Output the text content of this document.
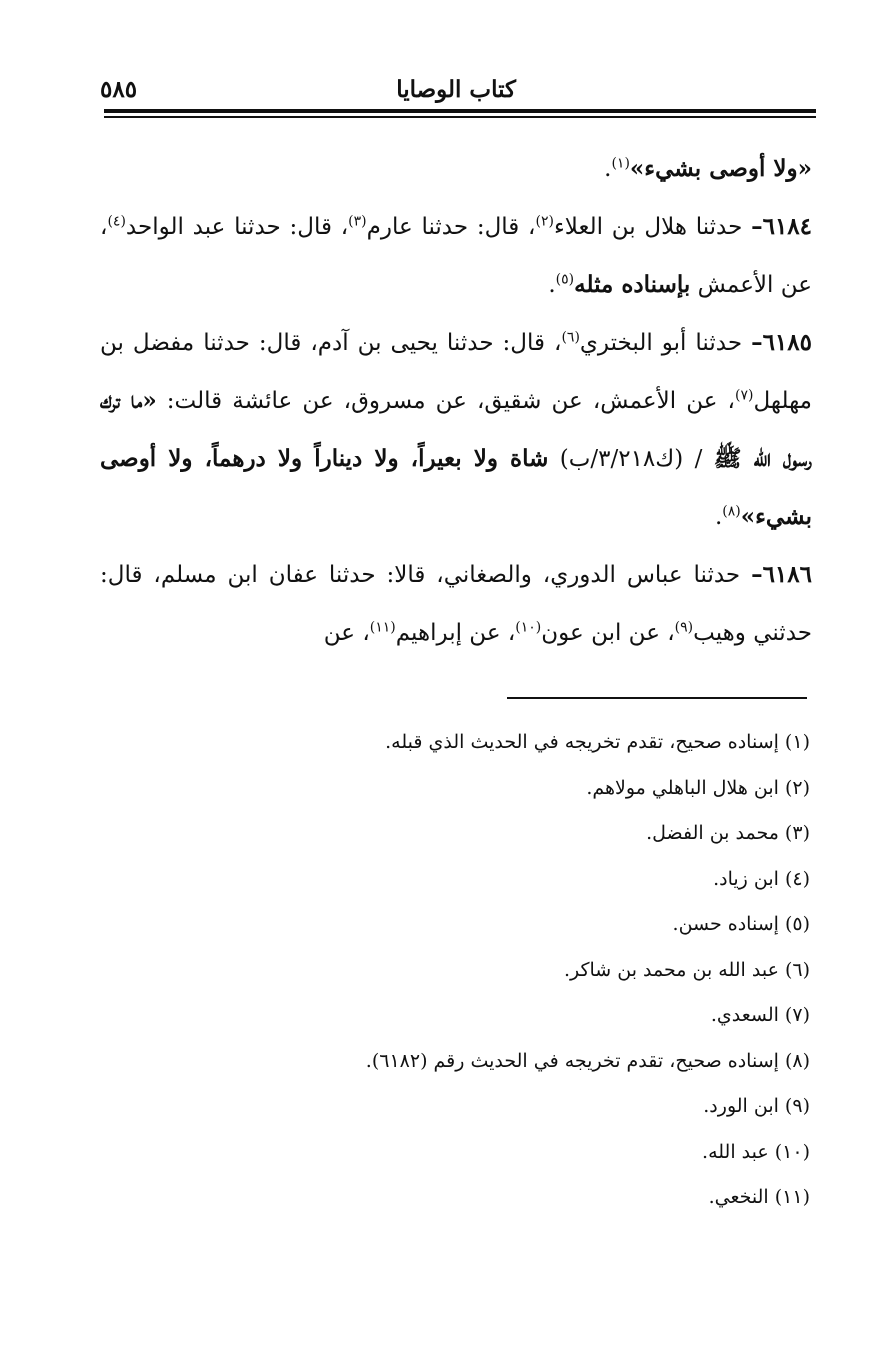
كتاب الوصايا
٥٨٥

«ولا أوصى بشيء»$^{(١)}$.

٦١٨٤– حدثنا هلال بن العلاء$^{(٢)}$، قال: حدثنا عارم$^{(٣)}$، قال: حدثنا عبد الواحد$^{(٤)}$، عن الأعمش بإسناده مثله$^{(٥)}$.

٦١٨٥– حدثنا أبو البختري$^{(٦)}$، قال: حدثنا يحيى بن آدم، قال: حدثنا مفضل بن مهلهل$^{(٧)}$، عن الأعمش، عن شقيق، عن مسروق، عن عائشة قالت: «ما ترك رسول الله ﷺ / (ك٣/٢١٨/ب) شاة ولا بعيراً، ولا ديناراً ولا درهماً، ولا أوصى بشيء»$^{(٨)}$.

٦١٨٦– حدثنا عباس الدوري، والصغاني، قالا: حدثنا عفان ابن مسلم، قال: حدثني وهيب$^{(٩)}$، عن ابن عون$^{(١٠)}$، عن إبراهيم$^{(١١)}$، عن

(١) إسناده صحيح، تقدم تخريجه في الحديث الذي قبله.
(٢) ابن هلال الباهلي مولاهم.
(٣) محمد بن الفضل.
(٤) ابن زياد.
(٥) إسناده حسن.
(٦) عبد الله بن محمد بن شاكر.
(٧) السعدي.
(٨) إسناده صحيح، تقدم تخريجه في الحديث رقم (٦١٨٢).
(٩) ابن الورد.
(١٠) عبد الله.
(١١) النخعي.
